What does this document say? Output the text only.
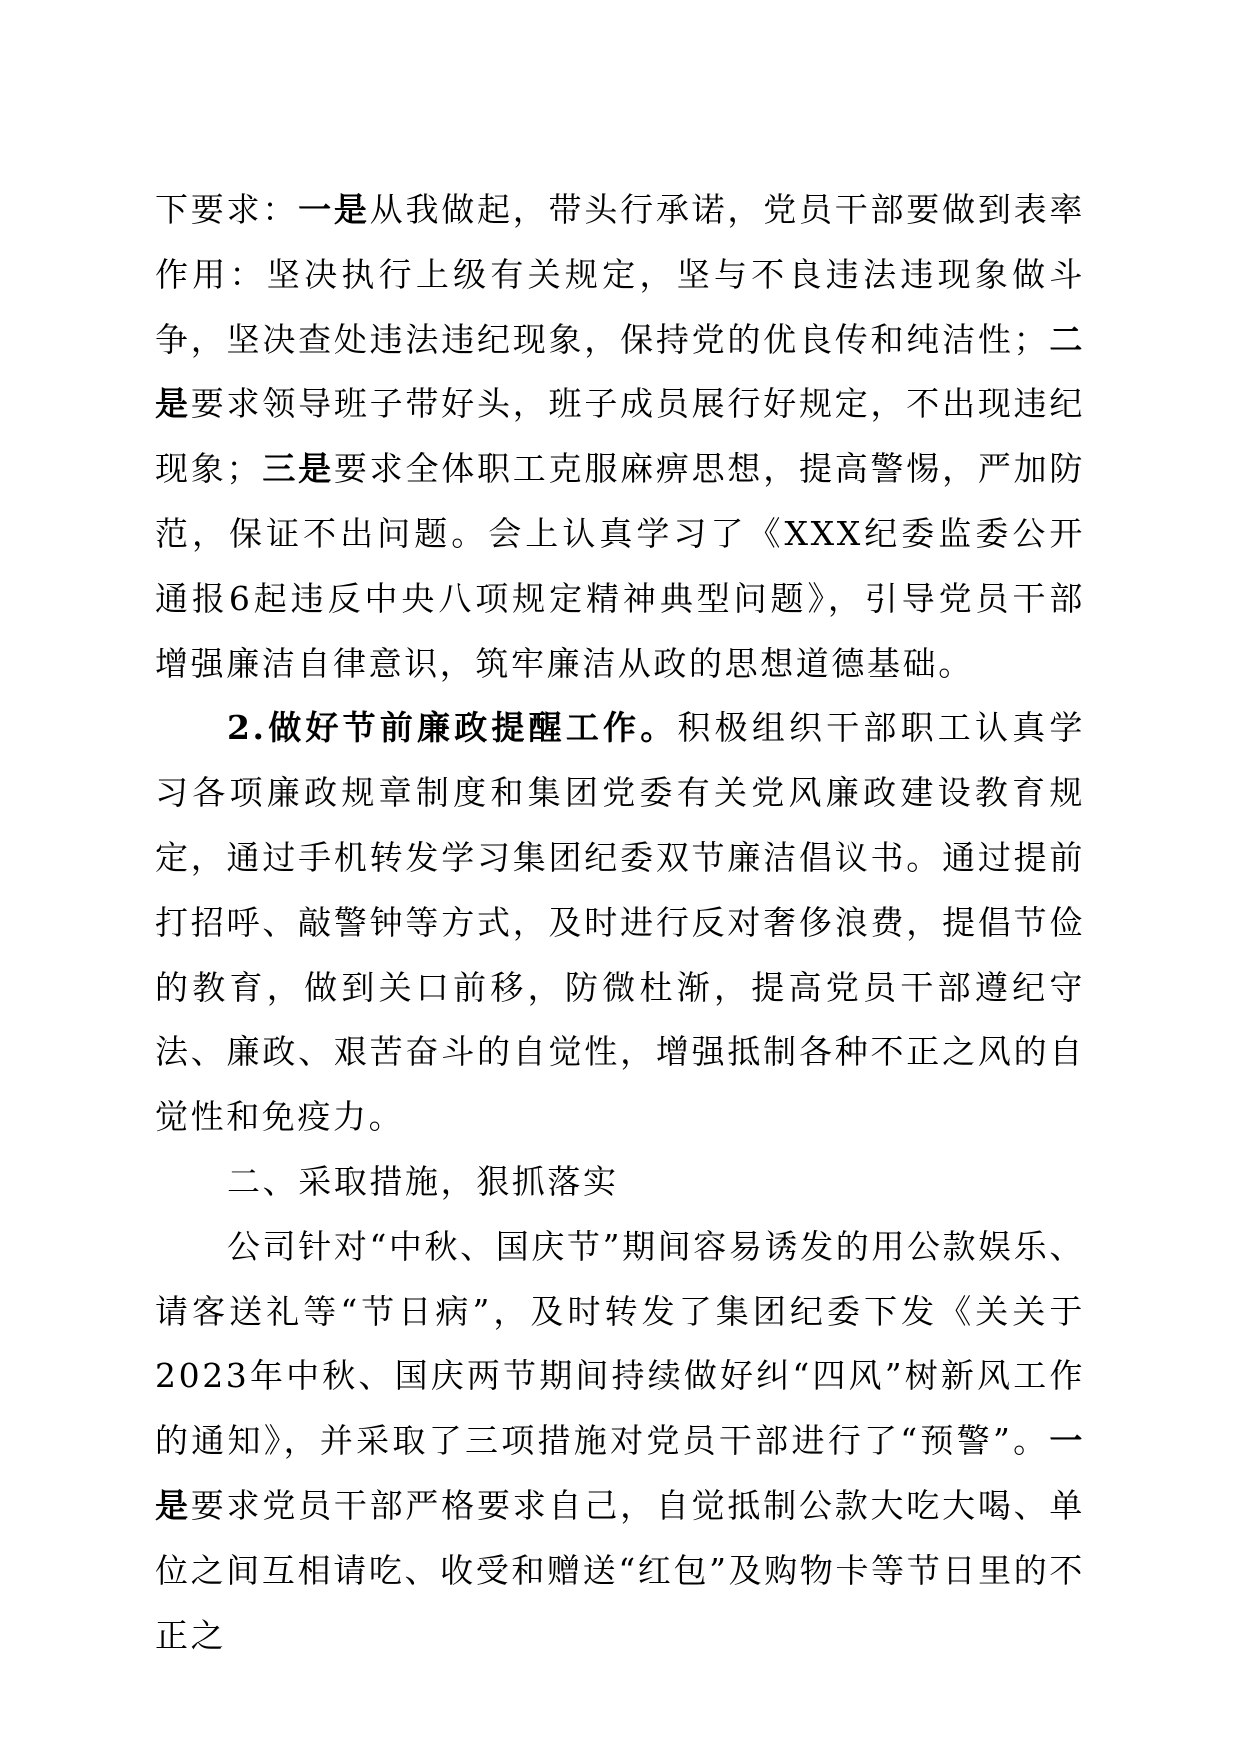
下要求：一是从我做起，带头行承诺，党员干部要做到表率作用：坚决执行上级有关规定，坚与不良违法违现象做斗争，坚决查处违法违纪现象，保持党的优良传和纯洁性；二是要求领导班子带好头，班子成员展行好规定，不出现违纪现象；三是要求全体职工克服麻痹思想，提高警惕，严加防范，保证不出问题。会上认真学习了《XXX纪委监委公开通报6起违反中央八项规定精神典型问题》，引导党员干部增强廉洁自律意识，筑牢廉洁从政的思想道德基础。

2.做好节前廉政提醒工作。积极组织干部职工认真学习各项廉政规章制度和集团党委有关党风廉政建设教育规定，通过手机转发学习集团纪委双节廉洁倡议书。通过提前打招呼、敲警钟等方式，及时进行反对奢侈浪费，提倡节俭的教育，做到关口前移，防微杜渐，提高党员干部遵纪守法、廉政、艰苦奋斗的自觉性，增强抵制各种不正之风的自觉性和免疫力。

二、采取措施，狠抓落实

公司针对“中秋、国庆节”期间容易诱发的用公款娱乐、请客送礼等“节日病”，及时转发了集团纪委下发《关关于2023年中秋、国庆两节期间持续做好纠“四风”树新风工作的通知》，并采取了三项措施对党员干部进行了“预警”。一是要求党员干部严格要求自己，自觉抵制公款大吃大喝、单位之间互相请吃、收受和赠送“红包”及购物卡等节日里的不正之
